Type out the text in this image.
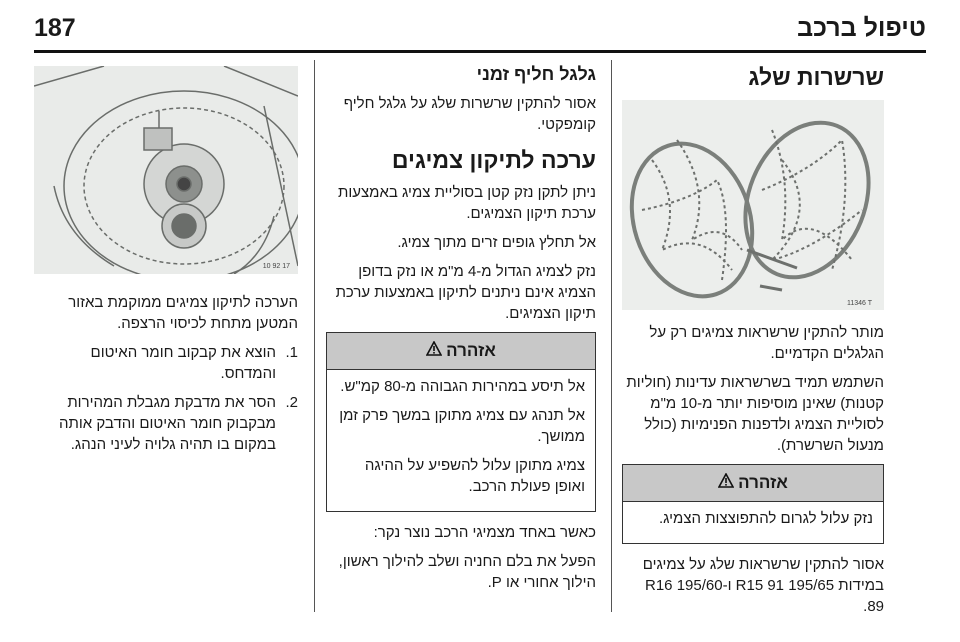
187	טיפול ברכב
שרשרות שלג
11346 T

מותר להתקין שרשראות צמיגים רק על הגלגלים הקדמיים.

השתמש תמיד בשרשראות עדינות (חוליות קטנות) שאינן מוסיפות יותר מ-10 מ"מ לסוליית הצמיג ולדפנות הפנימיות (כולל מנעול השרשרת).

אזהרה

נזק עלול לגרום להתפוצצות הצמיג.

אסור להתקין שרשראות שלג על צמיגים במידות 195/65 R15 91 ו-195/60 R16 89.

גלגל חליף זמני

אסור להתקין שרשרות שלג על גלגל חליף קומפקטי.

ערכה לתיקון צמיגים

ניתן לתקן נזק קטן בסוליית צמיג באמצעות ערכת תיקון הצמיגים.

אל תחלץ גופים זרים מתוך צמיג.

נזק לצמיג הגדול מ-4 מ"מ או נזק בדופן הצמיג אינם ניתנים לתיקון באמצעות ערכת תיקון הצמיגים.

אזהרה

אל תיסע במהירות הגבוהה מ-80 קמ"ש.

אל תנהג עם צמיג מתוקן במשך פרק זמן ממושך.

צמיג מתוקן עלול להשפיע על ההיגה ואופן פעולת הרכב.

כאשר באחד מצמיגי הרכב נוצר נקר:

הפעל את בלם החניה ושלב להילוך ראשון, הילוך אחורי או P.

10 92 17

הערכה לתיקון צמיגים ממוקמת באזור המטען מתחת לכיסוי הרצפה.

1.
הוצא את קבקוב חומר האיטום והמדחס.
2.
הסר את מדבקת מגבלת המהירות מבקבוק חומר האיטום והדבק אותה במקום בו תהיה גלויה לעיני הנהג.
